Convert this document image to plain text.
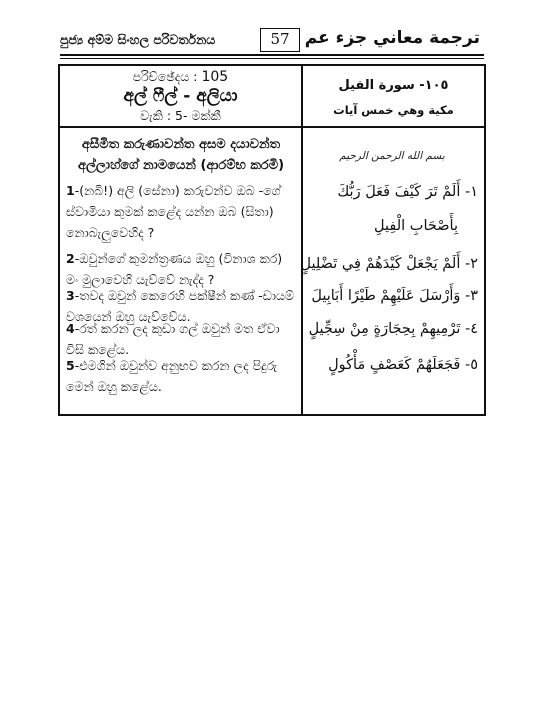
පුජ්‍ය අම්ම සිංහල පරිවර්තනය	57 ترجمة معاني جزء عم
පරිච්ඡේදය : 105
අල් ෆීල් - අලියා
වැකි : 5- මක්කී
١٠٥- سورة الفيل
مكية وهي خمس آيات
අසීමිත කරුණාවන්ත අසම දයාවන්ත
අල්ලාහ්ගේ නාමයෙන් (ආරම්භ කරමි)
1-(නබි!) අලි (සේනා) කරුවන්ව ඔබ -ගේ ස්වාමියා කුමක් කළේද යන්න ඔබ (සිතා) නොබැලුවෙහිද ?
2-ඔවුන්ගේ කුමන්ත්‍රණය ඔහු (විනාශ කර) මං මුලාවෙහි යැව්වේ නැද්ද ?
3-තවද ඔවුන් කෙරෙහි පක්ෂීන් කණ් -ඩායම් වශයෙන් ඔහු යැව්වේය.
4-රත් කරන ලද කුඩා ගල් ඔවුන් මත ඒවා විසි කළේය.
5-එමගින් ඔවුන්ව අනුභව කරන ලද පිදුරු මෙන් ඔහු කළේය.
بسم الله الرحمن الرحيم
١- أَلَمْ تَرَ كَيْفَ فَعَلَ رَبُّكَ
بِأَصْحَابِ الْفِيلِ
٢- أَلَمْ يَجْعَلْ كَيْدَهُمْ فِي تَضْلِيلٍ
٣- وَأَرْسَلَ عَلَيْهِمْ طَيْرًا أَبَابِيلَ
٤- تَرْمِيهِمْ بِحِجَارَةٍ مِنْ سِجِّيلٍ
٥- فَجَعَلَهُمْ كَعَصْفٍ مَأْكُولٍ
